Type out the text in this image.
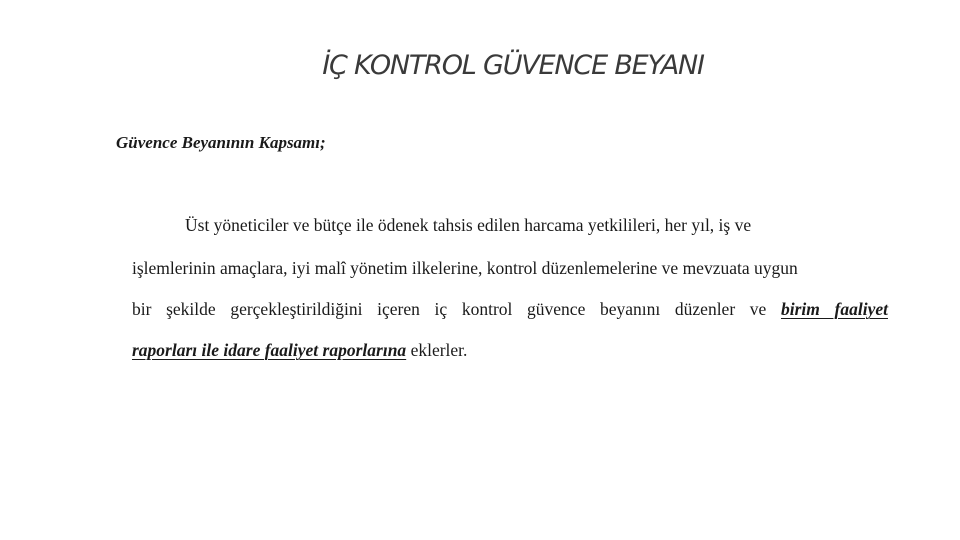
İÇ KONTROL GÜVENCE BEYANI
Güvence Beyanının Kapsamı;
Üst yöneticiler ve bütçe ile ödenek tahsis edilen harcama yetkilileri, her yıl, iş ve
işlemlerinin amaçlara, iyi malî yönetim ilkelerine, kontrol düzenlemelerine ve mevzuata uygun
bir şekilde gerçekleştirildiğini içeren iç kontrol güvence beyanını düzenler ve birim faaliyet
raporları ile idare faaliyet raporlarına eklerler.
